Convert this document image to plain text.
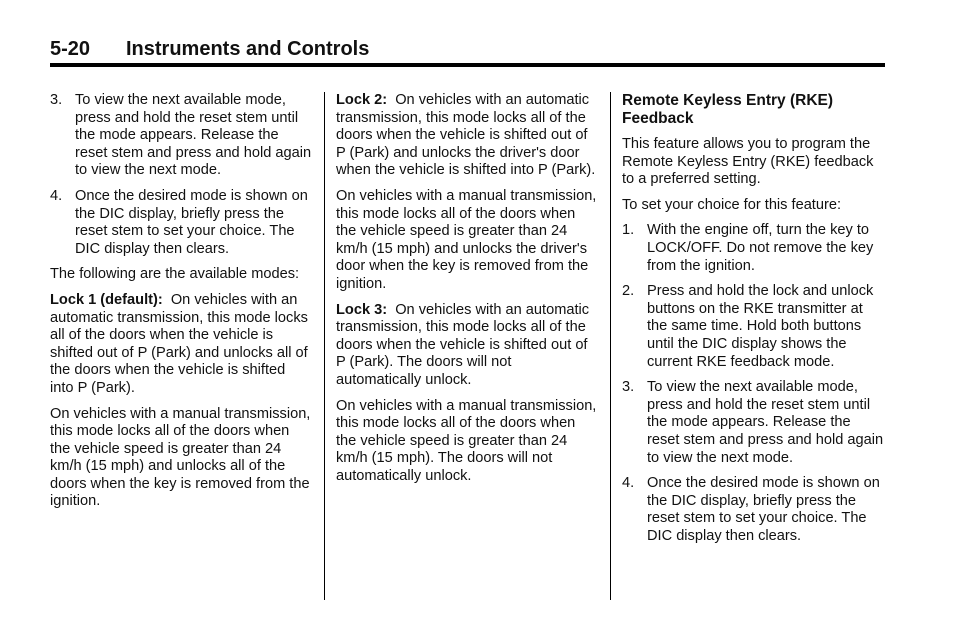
5-20 Instruments and Controls
3. To view the next available mode, press and hold the reset stem until the mode appears. Release the reset stem and press and hold again to view the next mode.
4. Once the desired mode is shown on the DIC display, briefly press the reset stem to set your choice. The DIC display then clears.

The following are the available modes:

Lock 1 (default): On vehicles with an automatic transmission, this mode locks all of the doors when the vehicle is shifted out of P (Park) and unlocks all of the doors when the vehicle is shifted into P (Park).

On vehicles with a manual transmission, this mode locks all of the doors when the vehicle speed is greater than 24 km/h (15 mph) and unlocks all of the doors when the key is removed from the ignition.

Lock 2: On vehicles with an automatic transmission, this mode locks all of the doors when the vehicle is shifted out of P (Park) and unlocks the driver's door when the vehicle is shifted into P (Park).

On vehicles with a manual transmission, this mode locks all of the doors when the vehicle speed is greater than 24 km/h (15 mph) and unlocks the driver's door when the key is removed from the ignition.

Lock 3: On vehicles with an automatic transmission, this mode locks all of the doors when the vehicle is shifted out of P (Park). The doors will not automatically unlock.

On vehicles with a manual transmission, this mode locks all of the doors when the vehicle speed is greater than 24 km/h (15 mph). The doors will not automatically unlock.

Remote Keyless Entry (RKE) Feedback

This feature allows you to program the Remote Keyless Entry (RKE) feedback to a preferred setting.

To set your choice for this feature:

1. With the engine off, turn the key to LOCK/OFF. Do not remove the key from the ignition.
2. Press and hold the lock and unlock buttons on the RKE transmitter at the same time. Hold both buttons until the DIC display shows the current RKE feedback mode.
3. To view the next available mode, press and hold the reset stem until the mode appears. Release the reset stem and press and hold again to view the next mode.
4. Once the desired mode is shown on the DIC display, briefly press the reset stem to set your choice. The DIC display then clears.
